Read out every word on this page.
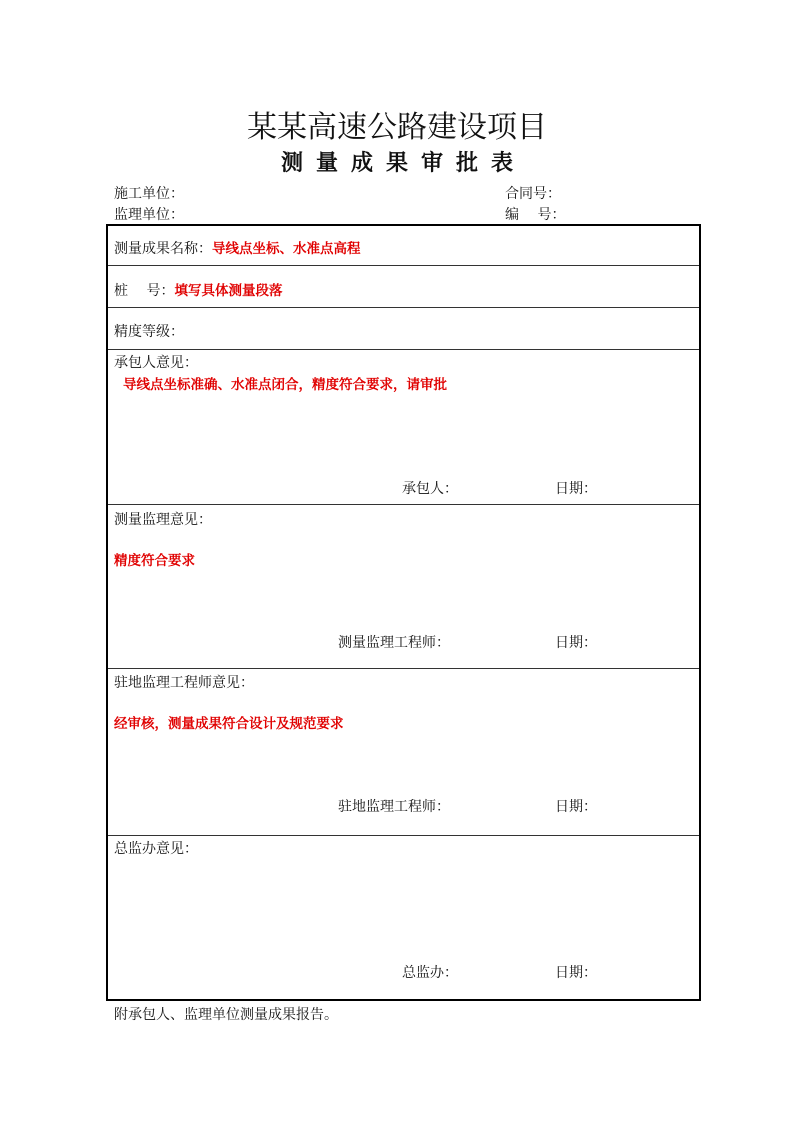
某某高速公路建设项目
测量成果审批表
施工单位：
监理单位：
合同号：
编　 号：
测量成果名称：导线点坐标、水准点高程
桩　 号：填写具体测量段落
精度等级：
承包人意见：
导线点坐标准确、水准点闭合，精度符合要求，请审批
承包人：	日期：
测量监理意见：
精度符合要求
测量监理工程师：	日期：
驻地监理工程师意见：
经审核，测量成果符合设计及规范要求
驻地监理工程师：	日期：
总监办意见：
总监办：	日期：
附承包人、监理单位测量成果报告。
